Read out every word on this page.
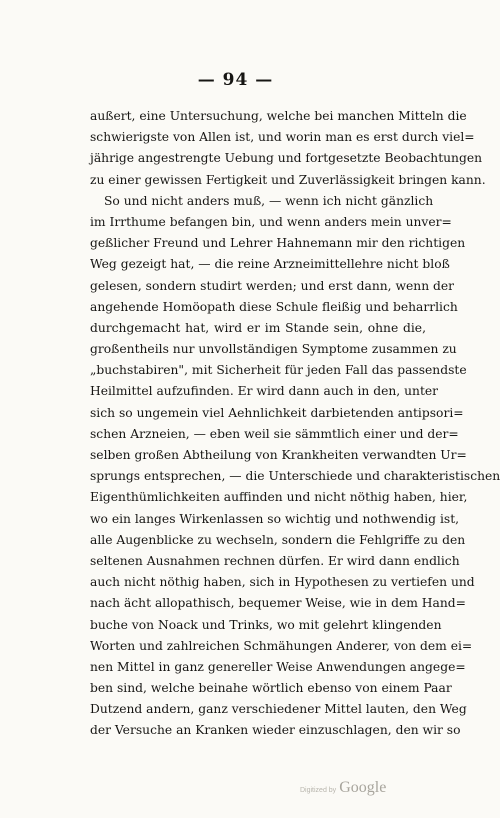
— 94 —
außert, eine Untersuchung, welche bei manchen Mitteln die
schwierigste von Allen ist, und worin man es erst durch viel=
jährige angestrengte Uebung und fortgesetzte Beobachtungen
zu einer gewissen Fertigkeit und Zuverlässigkeit bringen kann.
So und nicht anders muß, — wenn ich nicht gänzlich
im Irrthume befangen bin, und wenn anders mein unver=
geßlicher Freund und Lehrer Hahnemann mir den richtigen
Weg gezeigt hat, — die reine Arzneimittellehre nicht bloß
gelesen, sondern studirt werden; und erst dann, wenn der
angehende Homöopath diese Schule fleißig und beharrlich
durchgemacht hat, wird er im Stande sein, ohne die,
großentheils nur unvollständigen Symptome zusammen zu
„buchstabiren", mit Sicherheit für jeden Fall das passendste
Heilmittel aufzufinden. Er wird dann auch in den, unter
sich so ungemein viel Aehnlichkeit darbietenden antipsori=
schen Arzneien, — eben weil sie sämmtlich einer und der=
selben großen Abtheilung von Krankheiten verwandten Ur=
sprungs entsprechen, — die Unterschiede und charakteristischen
Eigenthümlichkeiten auffinden und nicht nöthig haben, hier,
wo ein langes Wirkenlassen so wichtig und nothwendig ist,
alle Augenblicke zu wechseln, sondern die Fehlgriffe zu den
seltenen Ausnahmen rechnen dürfen. Er wird dann endlich
auch nicht nöthig haben, sich in Hypothesen zu vertiefen und
nach ächt allopathisch, bequemer Weise, wie in dem Hand=
buche von Noack und Trinks, wo mit gelehrt klingenden
Worten und zahlreichen Schmähungen Anderer, von dem ei=
nen Mittel in ganz genereller Weise Anwendungen angege=
ben sind, welche beinahe wörtlich ebenso von einem Paar
Dutzend andern, ganz verschiedener Mittel lauten, den Weg
der Versuche an Kranken wieder einzuschlagen, den wir so
Digitized by Google
